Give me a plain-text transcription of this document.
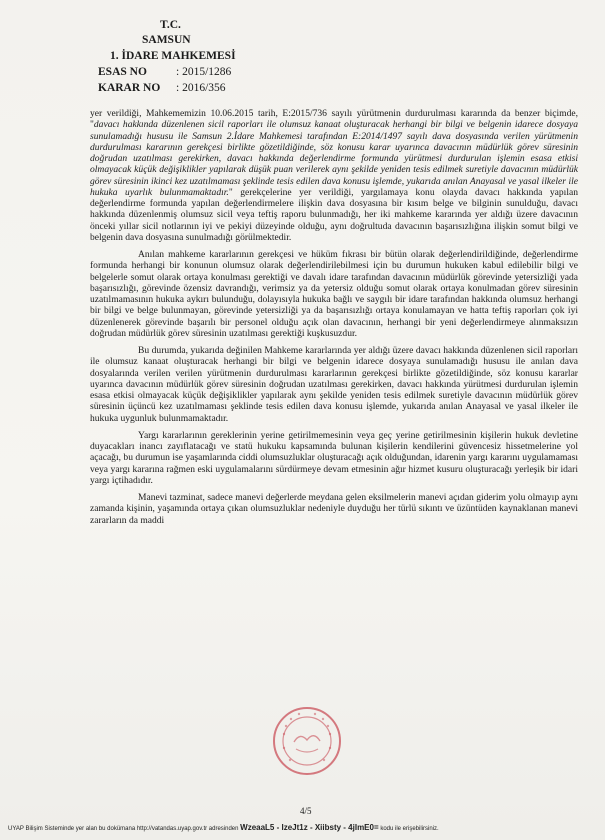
T.C.
SAMSUN
1. İDARE MAHKEMESİ
ESAS NO	: 2015/1286
KARAR NO : 2016/356

yer verildiği, Mahkememizin 10.06.2015 tarih, E:2015/736 sayılı yürütmenin durdurulması kararında da benzer biçimde, "davacı hakkında düzenlenen sicil raporları ile olumsuz kanaat oluşturacak herhangi bir bilgi ve belgenin idarece dosyaya sunulamadığı hususu ile Samsun 2.İdare Mahkemesi tarafından E:2014/1497 sayılı dava dosyasında verilen yürütmenin durdurulması kararının gerekçesi birlikte gözetildiğinde, söz konusu karar uyarınca davacının müdürlük görev süresinin doğrudan uzatılması gerekirken, davacı hakkında değerlendirme formunda yürütmesi durdurulan işlemin esasa etkisi olmayacak küçük değişiklikler yapılarak düşük puan verilerek aynı şekilde yeniden tesis edilmek suretiyle davacının müdürlük görev süresinin ikinci kez uzatılmaması şeklinde tesis edilen dava konusu işlemde, yukarıda anılan Anayasal ve yasal ilkeler ile hukuka uyarlık bulunmamaktadır." gerekçelerine yer verildiği, yargılamaya konu olayda davacı hakkında yapılan değerlendirme formunda yapılan değerlendirmelere ilişkin dava dosyasına bir kısım belge ve bilginin sunulduğu, davacı hakkında düzenlenmiş olumsuz sicil veya teftiş raporu bulunmadığı, her iki mahkeme kararında yer aldığı üzere davacının önceki yıllar sicil notlarının iyi ve pekiyi düzeyinde olduğu, aynı doğrultuda davacının başarısızlığına ilişkin somut bilgi ve belgenin dava dosyasına sunulmadığı görülmektedir.

Anılan mahkeme kararlarının gerekçesi ve hüküm fıkrası bir bütün olarak değerlendirildiğinde, değerlendirme formunda herhangi bir konunun olumsuz olarak değerlendirilebilmesi için bu durumun hukuken kabul edilebilir bilgi ve belgelerle somut olarak ortaya konulması gerektiği ve davalı idare tarafından davacının müdürlük görevinde yetersizliği yada başarısızlığı, görevinde özensiz davrandığı, verimsiz ya da yetersiz olduğu somut olarak ortaya konulmadan görev süresinin uzatılmamasının hukuka aykırı bulunduğu, dolayısıyla hukuka bağlı ve saygılı bir idare tarafından hakkında olumsuz herhangi bir bilgi ve belge bulunmayan, görevinde yetersizliği ya da başarısızlığı ortaya konulamayan ve hatta teftiş raporları çok iyi düzenlenerek görevinde başarılı bir personel olduğu açık olan davacının, herhangi bir yeni değerlendirmeye alınmaksızın doğrudan müdürlük görev süresinin uzatılması gerektiği kuşkusuzdur.

Bu durumda, yukarıda değinilen Mahkeme kararlarında yer aldığı üzere davacı hakkında düzenlenen sicil raporları ile olumsuz kanaat oluşturacak herhangi bir bilgi ve belgenin idarece dosyaya sunulamadığı hususu ile anılan dava dosyalarında verilen verilen yürütmenin durdurulması kararlarının gerekçesi birlikte gözetildiğinde, söz konusu kararlar uyarınca davacının müdürlük görev süresinin doğrudan uzatılması gerekirken, davacı hakkında yürütmesi durdurulan işlemin esasa etkisi olmayacak küçük değişiklikler yapılarak aynı şekilde yeniden tesis edilmek suretiyle davacının müdürlük görev süresinin üçüncü kez uzatılmaması şeklinde tesis edilen dava konusu işlemde, yukarıda anılan Anayasal ve yasal ilkeler ile hukuka uygunluk bulunmamaktadır.

Yargı kararlarının gereklerinin yerine getirilmemesinin veya geç yerine getirilmesinin kişilerin hukuk devletine duyacakları inancı zayıflatacağı ve statü hukuku kapsamında bulunan kişilerin kendilerini güvencesiz hissetmelerine yol açacağı, bu durumun ise yaşamlarında ciddi olumsuzluklar oluşturacağı açık olduğundan, idarenin yargı kararını uygulamaması veya yargı kararına rağmen eski uygulamalarını sürdürmeye devam etmesinin ağır hizmet kusuru oluşturacağı yerleşik bir idari yargı içtihadıdır.

Manevi tazminat, sadece manevi değerlerde meydana gelen eksilmelerin manevi açıdan giderim yolu olmayıp aynı zamanda kişinin, yaşamında ortaya çıkan olumsuzluklar nedeniyle duyduğu her türlü sıkıntı ve üzüntüden kaynaklanan manevi zararların da maddi

4/5
UYAP Bilişim Sisteminde yer alan bu dokümana http://vatandas.uyap.gov.tr adresinden WzeaaL5 - IzeJt1z - Xiibsty - 4jImE0= kodu ile erişebilirsiniz.
